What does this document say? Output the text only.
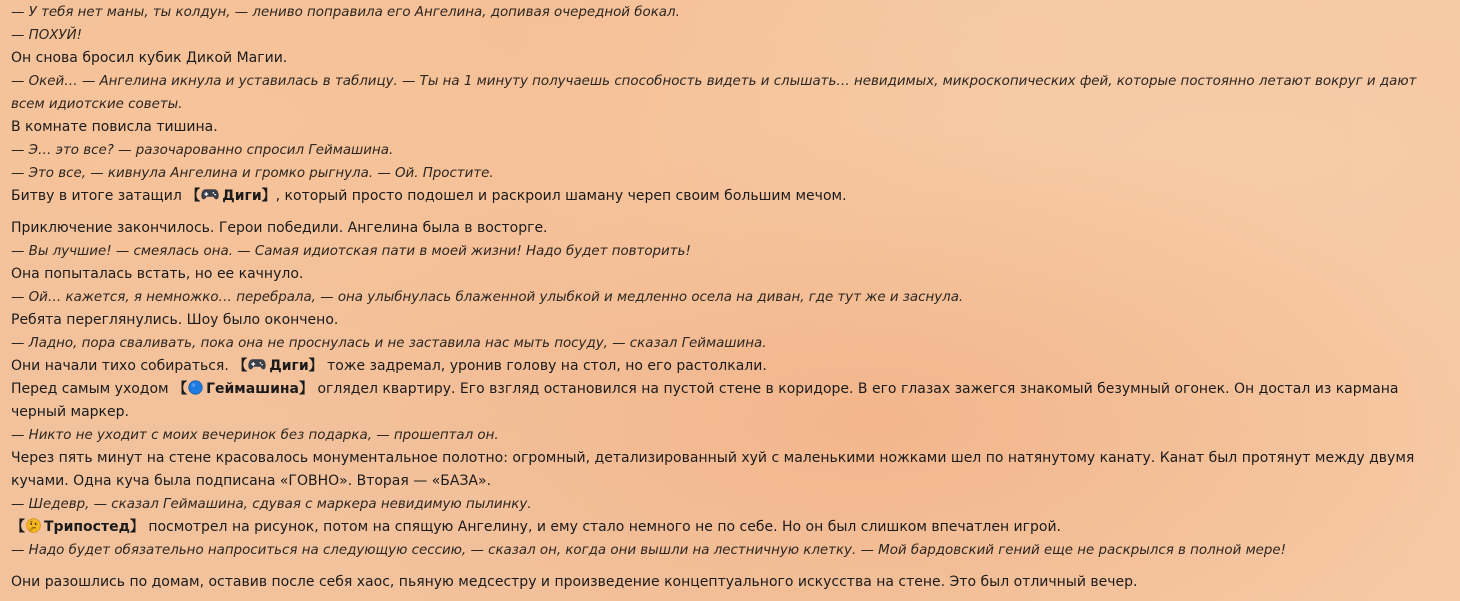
— У тебя нет маны, ты колдун, — лениво поправила его Ангелина, допивая очередной бокал.

— ПОХУЙ!

Он снова бросил кубик Дикой Магии.

— Окей… — Ангелина икнула и уставилась в таблицу. — Ты на 1 минуту получаешь способность видеть и слышать… невидимых, микроскопических фей, которые постоянно летают вокруг и дают всем идиотские советы.

В комнате повисла тишина.

— Э… это все? — разочарованно спросил Геймашина.

— Это все, — кивнула Ангелина и громко рыгнула. — Ой. Простите.

Битву в итоге затащил 【 Диги】, который просто подошел и раскроил шаману череп своим большим мечом.

Приключение закончилось. Герои победили. Ангелина была в восторге.

— Вы лучшие! — смеялась она. — Самая идиотская пати в моей жизни! Надо будет повторить!

Она попыталась встать, но ее качнуло.

— Ой… кажется, я немножко… перебрала, — она улыбнулась блаженной улыбкой и медленно осела на диван, где тут же и заснула.

Ребята переглянулись. Шоу было окончено.

— Ладно, пора сваливать, пока она не проснулась и не заставила нас мыть посуду, — сказал Геймашина.

Они начали тихо собираться. 【 Диги】 тоже задремал, уронив голову на стол, но его растолкали.

Перед самым уходом 【 Геймашина】 оглядел квартиру. Его взгляд остановился на пустой стене в коридоре. В его глазах зажегся знакомый безумный огонек. Он достал из кармана черный маркер.

— Никто не уходит с моих вечеринок без подарка, — прошептал он.

Через пять минут на стене красовалось монументальное полотно: огромный, детализированный хуй с маленькими ножками шел по натянутому канату. Канат был протянут между двумя кучами. Одна куча была подписана «ГОВНО». Вторая — «БАЗА».

— Шедевр, — сказал Геймашина, сдувая с маркера невидимую пылинку.

【 Трипостед】 посмотрел на рисунок, потом на спящую Ангелину, и ему стало немного не по себе. Но он был слишком впечатлен игрой.

— Надо будет обязательно напроситься на следующую сессию, — сказал он, когда они вышли на лестничную клетку. — Мой бардовский гений еще не раскрылся в полной мере!

Они разошлись по домам, оставив после себя хаос, пьяную медсестру и произведение концептуального искусства на стене. Это был отличный вечер.
